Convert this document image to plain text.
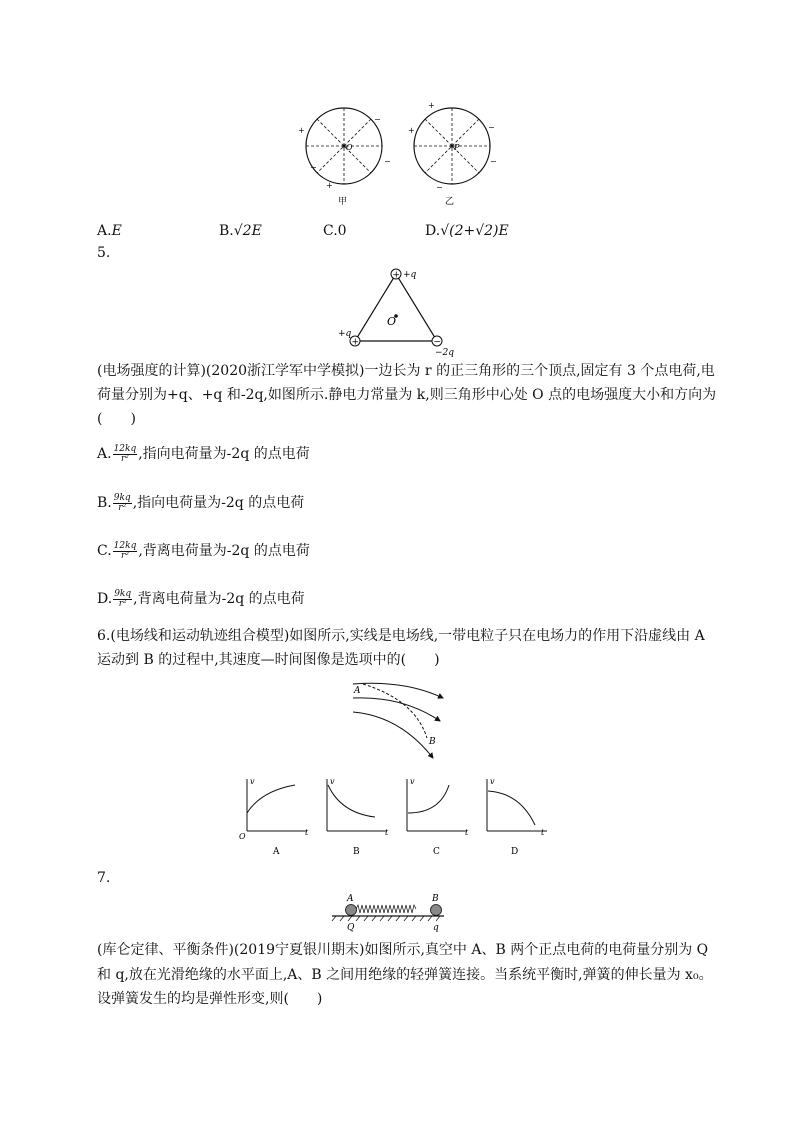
O
+
−
−
−
+
甲
P
+
+	−
−
−
乙
A.E	B.√2E	C.0	D.√(2+√2)E
5.
+ +q
+
+q
−
−2q
O
(电场强度的计算)(2020浙江学军中学模拟)一边长为 r 的正三角形的三个顶点,固定有 3 个点电荷,电
荷量分别为+q、+q 和-2q,如图所示.静电力常量为 k,则三角形中心处 O 点的电场强度大小和方向为
(　　)
A. $\frac{12kq}{\text{r²}}$ ,指向电荷量为-2q 的点电荷
B. $\frac{9kq}{\text{r²}}$ ,指向电荷量为-2q 的点电荷
C. $\frac{12kq}{\text{r²}}$ ,背离电荷量为-2q 的点电荷
D. $\frac{9kq}{\text{r²}}$ ,背离电荷量为-2q 的点电荷
6.(电场线和运动轨迹组合模型)如图所示,实线是电场线,一带电粒子只在电场力的作用下沿虚线由 A
运动到 B 的过程中,其速度—时间图像是选项中的(　　)
A
B
v
O	t
A
v
t
B
v
t
C
v
t
D
7.
A	B
Q	q
(库仑定律、平衡条件)(2019宁夏银川期末)如图所示,真空中 A、B 两个正点电荷的电荷量分别为 Q
和 q,放在光滑绝缘的水平面上,A、B 之间用绝缘的轻弹簧连接。当系统平衡时,弹簧的伸长量为 x₀。
设弹簧发生的均是弹性形变,则(　　)
